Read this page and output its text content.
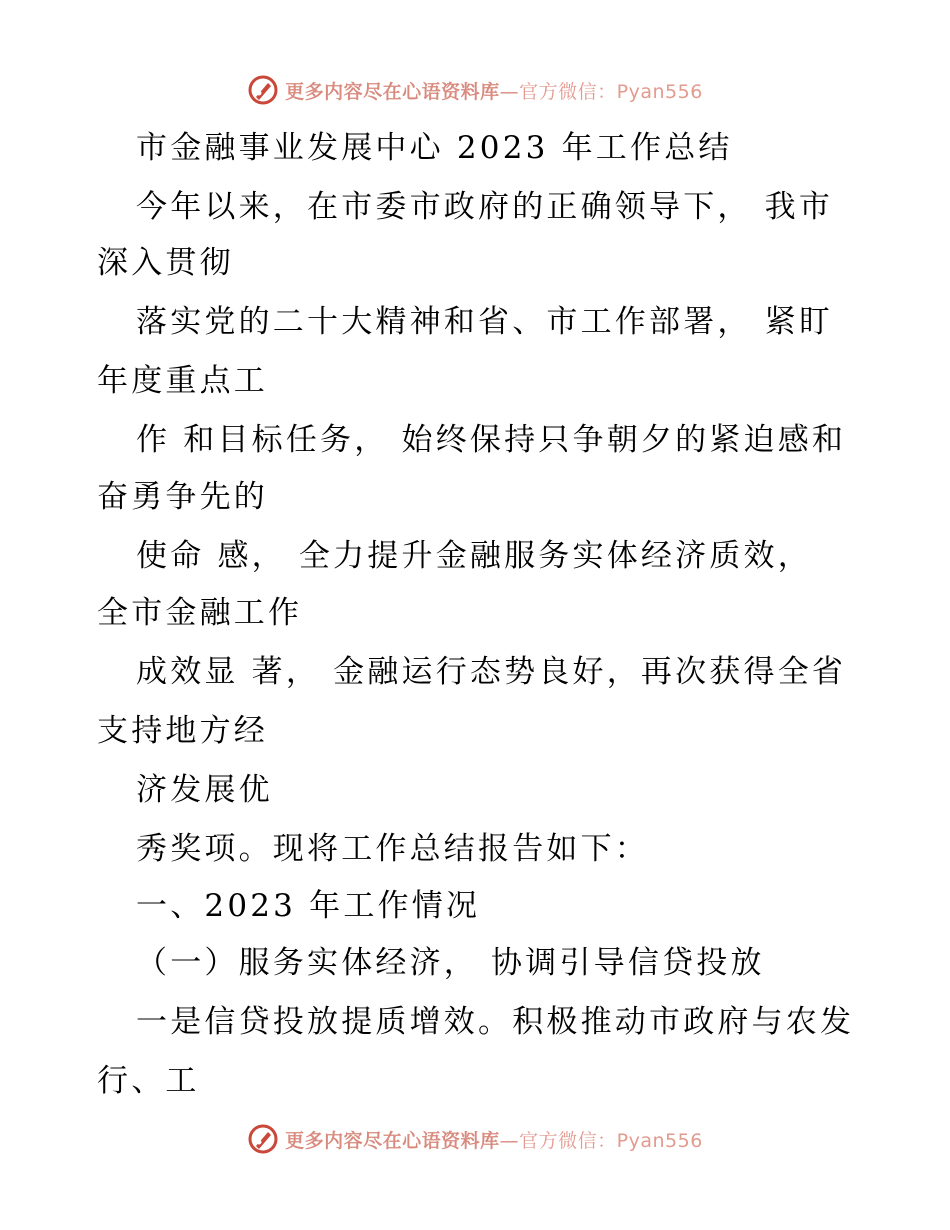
更多内容尽在心语资料库—官方微信：Pyan556
市金融事业发展中心 2023 年工作总结
今年以来，在市委市政府的正确领导下， 我市
深入贯彻
落实党的二十大精神和省、市工作部署， 紧盯
年度重点工
作 和目标任务， 始终保持只争朝夕的紧迫感和
奋勇争先的
使命 感， 全力提升金融服务实体经济质效，
全市金融工作
成效显 著， 金融运行态势良好，再次获得全省
支持地方经
济发展优
秀奖项。现将工作总结报告如下：
一、2023 年工作情况
（一）服务实体经济， 协调引导信贷投放
一是信贷投放提质增效。积极推动市政府与农发
行、工
更多内容尽在心语资料库—官方微信：Pyan556
